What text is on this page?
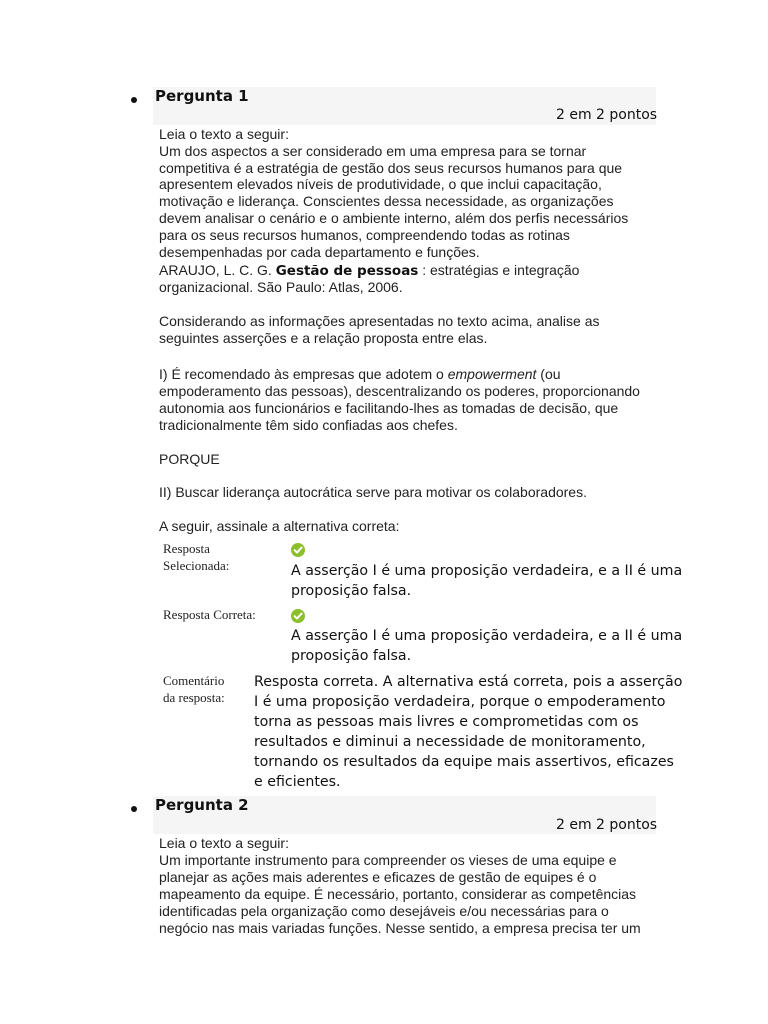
Pergunta 1
2 em 2 pontos
Leia o texto a seguir:
Um dos aspectos a ser considerado em uma empresa para se tornar
competitiva é a estratégia de gestão dos seus recursos humanos para que
apresentem elevados níveis de produtividade, o que inclui capacitação,
motivação e liderança. Conscientes dessa necessidade, as organizações
devem analisar o cenário e o ambiente interno, além dos perfis necessários
para os seus recursos humanos, compreendendo todas as rotinas
desempenhadas por cada departamento e funções.
ARAUJO, L. C. G. Gestão de pessoas : estratégias e integração
organizacional. São Paulo: Atlas, 2006.
Considerando as informações apresentadas no texto acima, analise as
seguintes asserções e a relação proposta entre elas.
I) É recomendado às empresas que adotem o empowerment (ou
empoderamento das pessoas), descentralizando os poderes, proporcionando
autonomia aos funcionários e facilitando-lhes as tomadas de decisão, que
tradicionalmente têm sido confiadas aos chefes.
PORQUE
II) Buscar liderança autocrática serve para motivar os colaboradores.
A seguir, assinale a alternativa correta:
Resposta
Selecionada:	A asserção I é uma proposição verdadeira, e a II é uma
proposição falsa.
Resposta Correta:
A asserção I é uma proposição verdadeira, e a II é uma
proposição falsa.
Comentário
da resposta:
Resposta correta. A alternativa está correta, pois a asserção
I é uma proposição verdadeira, porque o empoderamento
torna as pessoas mais livres e comprometidas com os
resultados e diminui a necessidade de monitoramento,
tornando os resultados da equipe mais assertivos, eficazes
e eficientes.
Pergunta 2
2 em 2 pontos
Leia o texto a seguir:
Um importante instrumento para compreender os vieses de uma equipe e
planejar as ações mais aderentes e eficazes de gestão de equipes é o
mapeamento da equipe. É necessário, portanto, considerar as competências
identificadas pela organização como desejáveis e/ou necessárias para o
negócio nas mais variadas funções. Nesse sentido, a empresa precisa ter um
